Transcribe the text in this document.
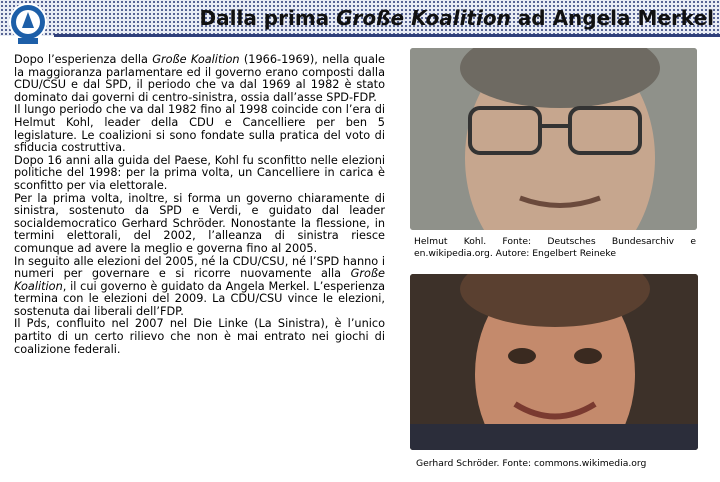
Dalla prima Große Koalition ad Angela Merkel

Dopo l’esperienza della Große Koalition (1966-1969), nella quale la maggioranza parlamentare ed il governo erano composti dalla CDU/CSU e dal SPD, il periodo che va dal 1969 al 1982 è stato dominato dai governi di centro-sinistra, ossia dall’asse SPD-FDP.

Il lungo periodo che va dal 1982 fino al 1998 coincide con l’era di Helmut Kohl, leader della CDU e Cancelliere per ben 5 legislature. Le coalizioni si sono fondate sulla pratica del voto di sfiducia costruttiva.

Dopo 16 anni alla guida del Paese, Kohl fu sconfitto nelle elezioni politiche del 1998: per la prima volta, un Cancelliere in carica è sconfitto per via elettorale.

Per la prima volta, inoltre, si forma un governo chiaramente di sinistra, sostenuto da SPD e Verdi, e guidato dal leader socialdemocratico Gerhard Schröder. Nonostante la flessione, in termini elettorali, del 2002, l’alleanza di sinistra riesce comunque ad avere la meglio e governa fino al 2005.

In seguito alle elezioni del 2005, né la CDU/CSU, né l’SPD hanno i numeri per governare e si ricorre nuovamente alla Große Koalition, il cui governo è guidato da Angela Merkel. L’esperienza termina con le elezioni del 2009. La CDU/CSU vince le elezioni, sostenuta dai liberali dell’FDP.

Il Pds, confluito nel 2007 nel Die Linke (La Sinistra), è l’unico partito di un certo rilievo che non è mai entrato nei giochi di coalizione federali.

Helmut Kohl. Fonte: Deutsches Bundesarchiv e en.wikipedia.org. Autore: Engelbert Reineke
Gerhard Schröder. Fonte: commons.wikimedia.org
